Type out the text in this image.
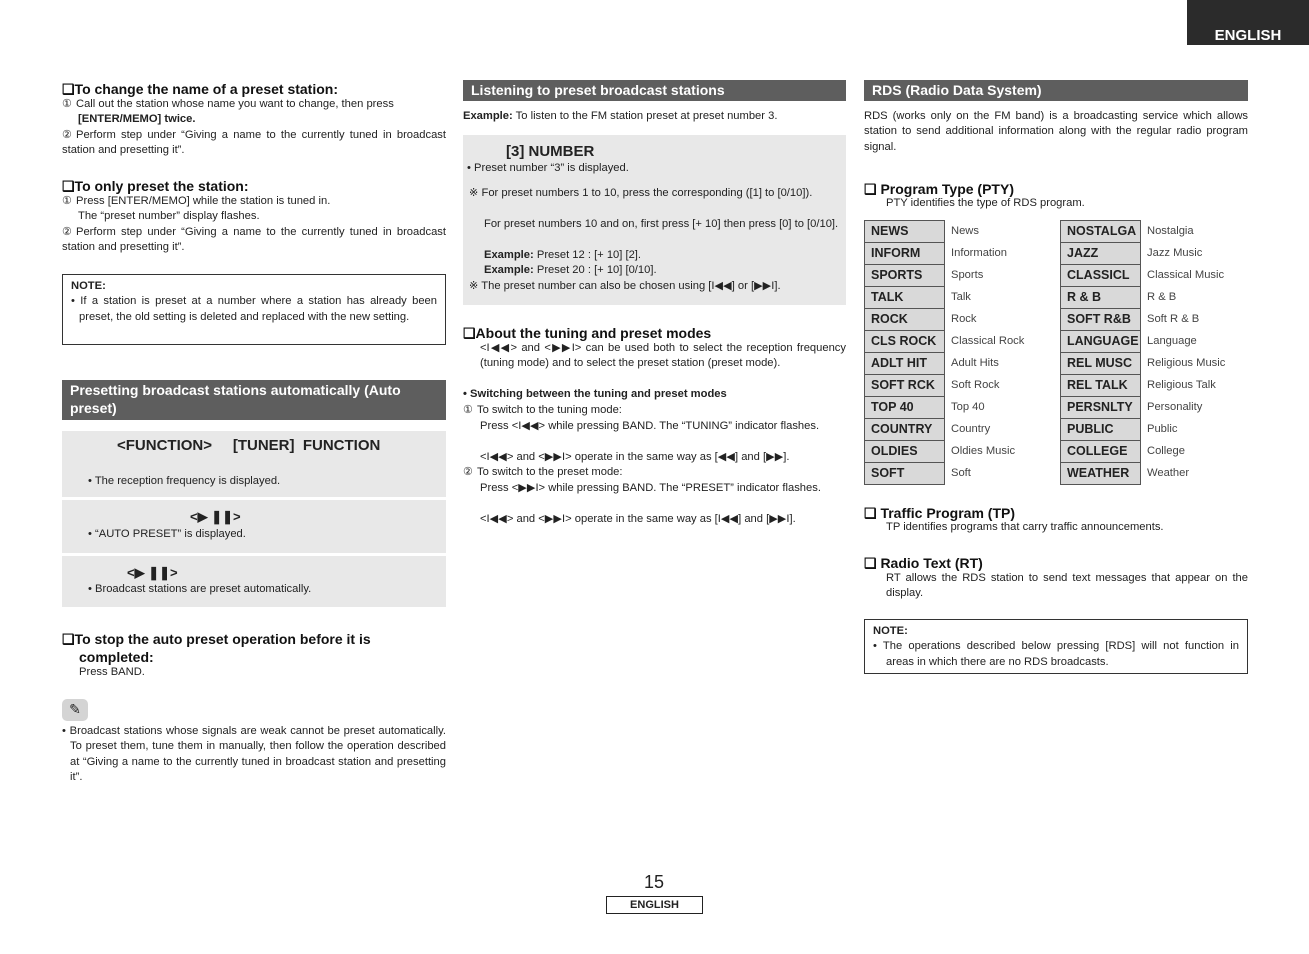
ENGLISH
❑To change the name of a preset station:
① Call out the station whose name you want to change, then press
[ENTER/MEMO] twice.
② Perform step under “Giving a name to the currently tuned in broadcast station and presetting it”.
❑To only preset the station:
① Press [ENTER/MEMO] while the station is tuned in.
The “preset number” display flashes.
② Perform step under “Giving a name to the currently tuned in broadcast station and presetting it”.
NOTE:
• If a station is preset at a number where a station has already been preset, the old setting is deleted and replaced with the new setting.
Presetting broadcast stations automatically (Auto preset)
<FUNCTION>     [TUNER]  FUNCTION
• The reception frequency is displayed.
<▶ ❚❚>
• “AUTO PRESET” is displayed.
<▶ ❚❚>
• Broadcast stations are preset automatically.
❑To stop the auto preset operation before it is
completed:
Press BAND.
✎
• Broadcast stations whose signals are weak cannot be preset automatically. To preset them, tune them in manually, then follow the operation described at “Giving a name to the currently tuned in broadcast station and presetting it”.
Listening to preset broadcast stations
Example: To listen to the FM station preset at preset number 3.
[3] NUMBER
• Preset number “3” is displayed.
※ For preset numbers 1 to 10, press the corresponding ([1] to [0/10]).
For preset numbers 10 and on, first press [+ 10] then press [0] to [0/10].
Example: Preset 12 : [+ 10] [2].
Example: Preset 20 : [+ 10] [0/10].
※ The preset number can also be chosen using [I◀◀] or [▶▶I].
❑About the tuning and preset modes
<I◀◀> and <▶▶I> can be used both to select the reception frequency (tuning mode) and to select the preset station (preset mode).
• Switching between the tuning and preset modes
① To switch to the tuning mode:
Press <I◀◀> while pressing BAND. The “TUNING” indicator flashes.
<I◀◀> and <▶▶I> operate in the same way as [◀◀] and [▶▶].
② To switch to the preset mode:
Press <▶▶I> while pressing BAND. The “PRESET” indicator flashes.
<I◀◀> and <▶▶I> operate in the same way as [I◀◀] and [▶▶I].
RDS (Radio Data System)
RDS (works only on the FM band) is a broadcasting service which allows station to send additional information along with the regular radio program signal.
❑ Program Type (PTY)
PTY identifies the type of RDS program.
NEWS	News
INFORM	Information
SPORTS	Sports
TALK	Talk
ROCK	Rock
CLS ROCK	Classical Rock
ADLT HIT	Adult Hits
SOFT RCK	Soft Rock
TOP 40	Top 40
COUNTRY	Country
OLDIES	Oldies Music
SOFT	Soft
NOSTALGA	Nostalgia
JAZZ	Jazz Music
CLASSICL	Classical Music
R & B	R & B
SOFT R&B	Soft R & B
LANGUAGE	Language
REL MUSC	Religious Music
REL TALK	Religious Talk
PERSNLTY	Personality
PUBLIC	Public
COLLEGE	College
WEATHER	Weather
❑ Traffic Program (TP)
TP identifies programs that carry traffic announcements.
❑ Radio Text (RT)
RT allows the RDS station to send text messages that appear on the display.
NOTE:
• The operations described below pressing [RDS] will not function in areas in which there are no RDS broadcasts.
15
ENGLISH
